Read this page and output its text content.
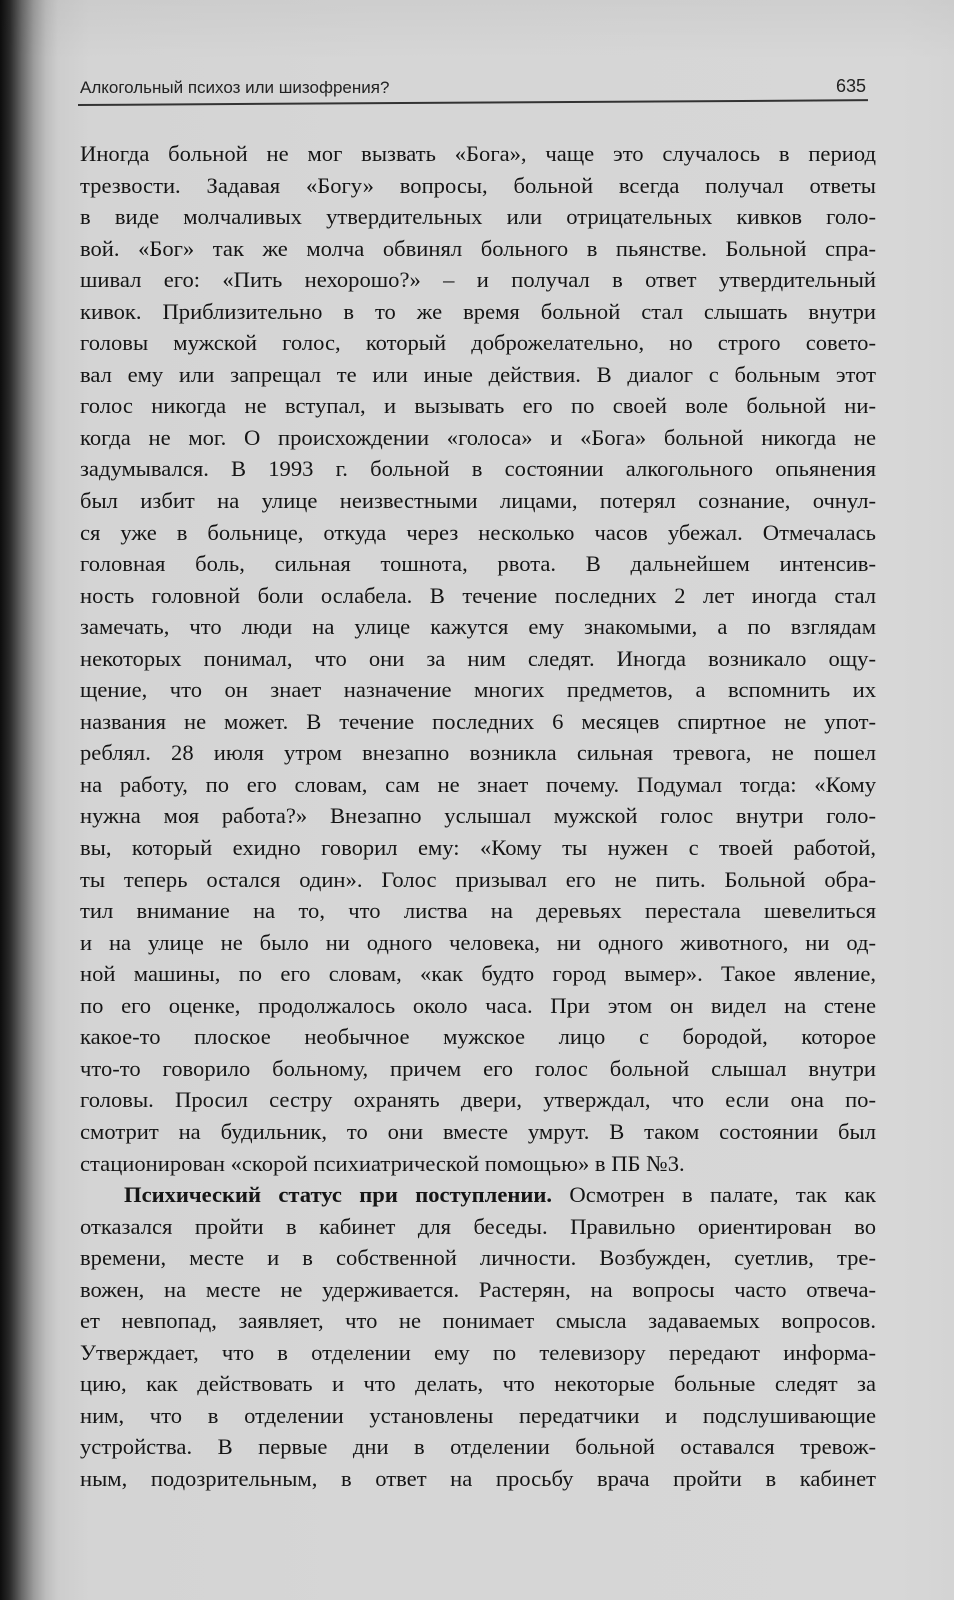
Алкогольный психоз или шизофрения?	635
Иногда больной не мог вызвать «Бога», чаще это случалось в период
трезвости. Задавая «Богу» вопросы, больной всегда получал ответы
в виде молчаливых утвердительных или отрицательных кивков голо-
вой. «Бог» так же молча обвинял больного в пьянстве. Больной спра-
шивал его: «Пить нехорошо?» – и получал в ответ утвердительный
кивок. Приблизительно в то же время больной стал слышать внутри
головы мужской голос, который доброжелательно, но строго совето-
вал ему или запрещал те или иные действия. В диалог с больным этот
голос никогда не вступал, и вызывать его по своей воле больной ни-
когда не мог. О происхождении «голоса» и «Бога» больной никогда не
задумывался. В 1993 г. больной в состоянии алкогольного опьянения
был избит на улице неизвестными лицами, потерял сознание, очнул-
ся уже в больнице, откуда через несколько часов убежал. Отмечалась
головная боль, сильная тошнота, рвота. В дальнейшем интенсив-
ность головной боли ослабела. В течение последних 2 лет иногда стал
замечать, что люди на улице кажутся ему знакомыми, а по взглядам
некоторых понимал, что они за ним следят. Иногда возникало ощу-
щение, что он знает назначение многих предметов, а вспомнить их
названия не может. В течение последних 6 месяцев спиртное не упот-
реблял. 28 июля утром внезапно возникла сильная тревога, не пошел
на работу, по его словам, сам не знает почему. Подумал тогда: «Кому
нужна моя работа?» Внезапно услышал мужской голос внутри голо-
вы, который ехидно говорил ему: «Кому ты нужен с твоей работой,
ты теперь остался один». Голос призывал его не пить. Больной обра-
тил внимание на то, что листва на деревьях перестала шевелиться
и на улице не было ни одного человека, ни одного животного, ни од-
ной машины, по его словам, «как будто город вымер». Такое явление,
по его оценке, продолжалось около часа. При этом он видел на стене
какое-то плоское необычное мужское лицо с бородой, которое
что-то говорило больному, причем его голос больной слышал внутри
головы. Просил сестру охранять двери, утверждал, что если она по-
смотрит на будильник, то они вместе умрут. В таком состоянии был
стационирован «скорой психиатрической помощью» в ПБ №3.
Психический статус при поступлении. Осмотрен в палате, так как
отказался пройти в кабинет для беседы. Правильно ориентирован во
времени, месте и в собственной личности. Возбужден, суетлив, тре-
вожен, на месте не удерживается. Растерян, на вопросы часто отвеча-
ет невпопад, заявляет, что не понимает смысла задаваемых вопросов.
Утверждает, что в отделении ему по телевизору передают информа-
цию, как действовать и что делать, что некоторые больные следят за
ним, что в отделении установлены передатчики и подслушивающие
устройства. В первые дни в отделении больной оставался тревож-
ным, подозрительным, в ответ на просьбу врача пройти в кабинет
